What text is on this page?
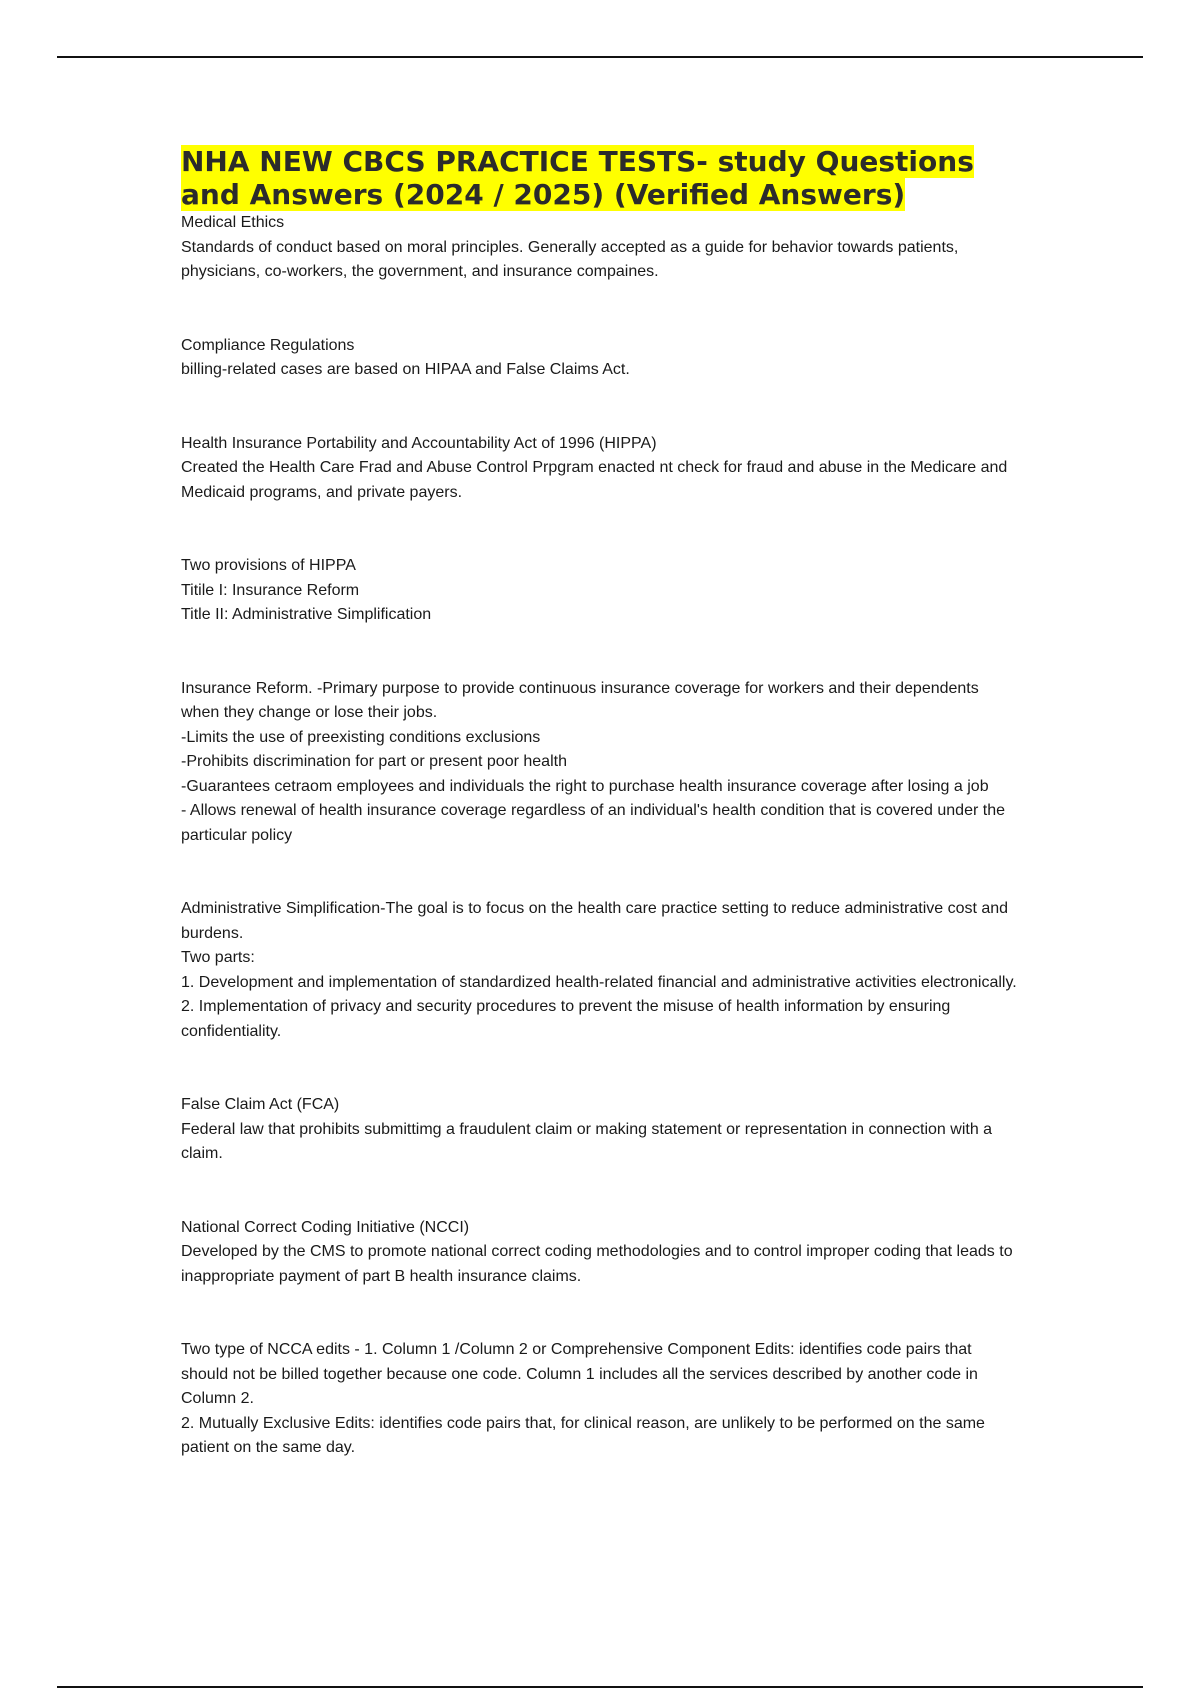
NHA NEW CBCS PRACTICE TESTS- study Questions and Answers (2024 / 2025) (Verified Answers)
Medical Ethics
Standards of conduct based on moral principles. Generally accepted as a guide for behavior towards patients, physicians, co-workers, the government, and insurance compaines.
Compliance Regulations
billing-related cases are based on HIPAA and False Claims Act.
Health Insurance Portability and Accountability Act of 1996 (HIPPA)
Created the Health Care Frad and Abuse Control Prpgram enacted nt check for fraud and abuse in the Medicare and Medicaid programs, and private payers.
Two provisions of HIPPA
Titile I: Insurance Reform
Title II: Administrative Simplification
Insurance Reform. -Primary purpose to provide continuous insurance coverage for workers and their dependents when they change or lose their jobs.
-Limits the use of preexisting conditions exclusions
-Prohibits discrimination for part or present poor health
-Guarantees cetraom employees and individuals the right to purchase health insurance coverage after losing a job
- Allows renewal of health insurance coverage regardless of an individual's health condition that is covered under the particular policy
Administrative Simplification-The goal is to focus on the health care practice setting to reduce administrative cost and burdens.
Two parts:
1. Development and implementation of standardized health-related financial and administrative activities electronically.
2. Implementation of privacy and security procedures to prevent the misuse of health information by ensuring confidentiality.
False Claim Act (FCA)
Federal law that prohibits submittimg a fraudulent claim or making statement or representation in connection with a claim.
National Correct Coding Initiative (NCCI)
Developed by the CMS to promote national correct coding methodologies and to control improper coding that leads to inappropriate payment of part B health insurance claims.
Two type of NCCA edits - 1. Column 1 /Column 2 or Comprehensive Component Edits: identifies code pairs that should not be billed together because one code. Column 1 includes all the services described by another code in Column 2.
2. Mutually Exclusive Edits: identifies code pairs that, for clinical reason, are unlikely to be performed on the same patient on the same day.
